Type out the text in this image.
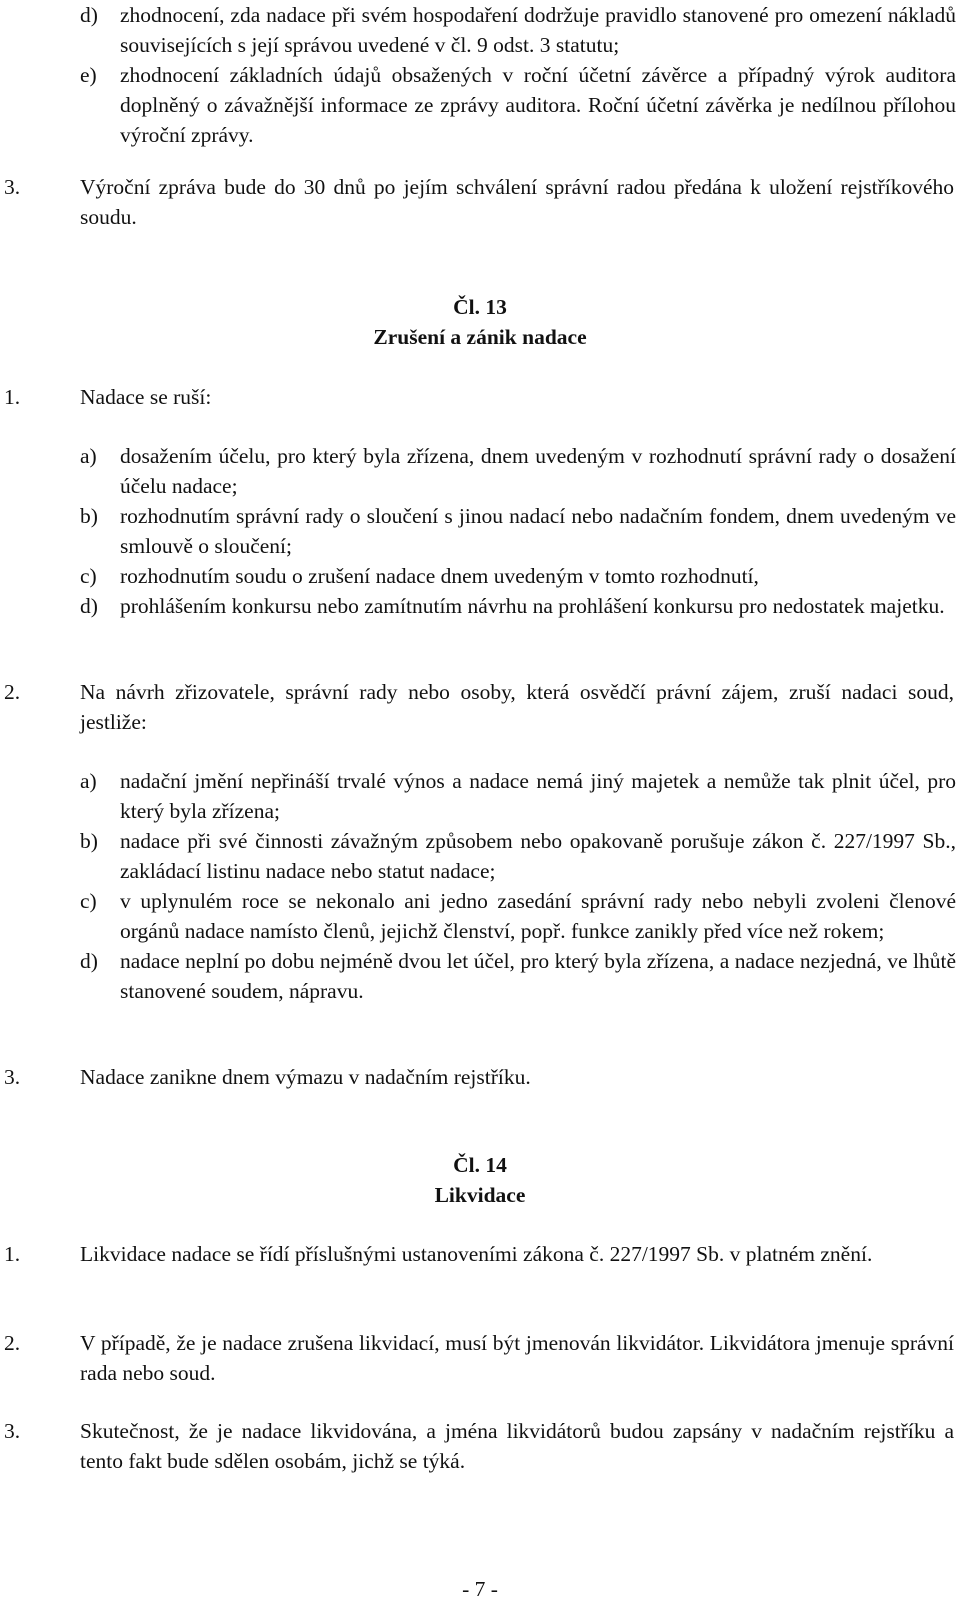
d) zhodnocení, zda nadace při svém hospodaření dodržuje pravidlo stanovené pro omezení nákladů souvisejících s její správou uvedené v čl. 9 odst. 3 statutu;
e) zhodnocení základních údajů obsažených v roční účetní závěrce a případný výrok auditora doplněný o závažnější informace ze zprávy auditora. Roční účetní závěrka je nedílnou přílohou výroční zprávy.
3.	Výroční zpráva bude do 30 dnů po jejím schválení správní radou předána k uložení rejstříkového soudu.
Čl. 13
Zrušení a zánik nadace
1.	Nadace se ruší:
a) dosažením účelu, pro který byla zřízena, dnem uvedeným v rozhodnutí správní rady o dosažení účelu nadace;
b) rozhodnutím správní rady o sloučení s jinou nadací nebo nadačním fondem, dnem uvedeným ve smlouvě o sloučení;
c) rozhodnutím soudu o zrušení nadace dnem uvedeným v tomto rozhodnutí,
d) prohlášením konkursu nebo zamítnutím návrhu na prohlášení konkursu pro nedostatek majetku.
2.	Na návrh zřizovatele, správní rady nebo osoby, která osvědčí právní zájem, zruší nadaci soud, jestliže:
a) nadační jmění nepřináší trvalé výnos a nadace nemá jiný majetek a nemůže tak plnit účel, pro který byla zřízena;
b) nadace při své činnosti závažným způsobem nebo opakovaně porušuje zákon č. 227/1997 Sb., zakládací listinu nadace nebo statut nadace;
c) v uplynulém roce se nekonalo ani jedno zasedání správní rady nebo nebyli zvoleni členové orgánů nadace namísto členů, jejichž členství, popř. funkce zanikly před více než rokem;
d) nadace neplní po dobu nejméně dvou let účel, pro který byla zřízena, a nadace nezjedná, ve lhůtě stanovené soudem, nápravu.
3.	Nadace zanikne dnem výmazu v nadačním rejstříku.
Čl. 14
Likvidace
1.	Likvidace nadace se řídí příslušnými ustanoveními zákona č. 227/1997 Sb. v platném znění.
2.	V případě, že je nadace zrušena likvidací, musí být jmenován likvidátor. Likvidátora jmenuje správní rada nebo soud.
3.	Skutečnost, že je nadace likvidována, a jména likvidátorů budou zapsány v nadačním rejstříku a tento fakt bude sdělen osobám, jichž se týká.
- 7 -
